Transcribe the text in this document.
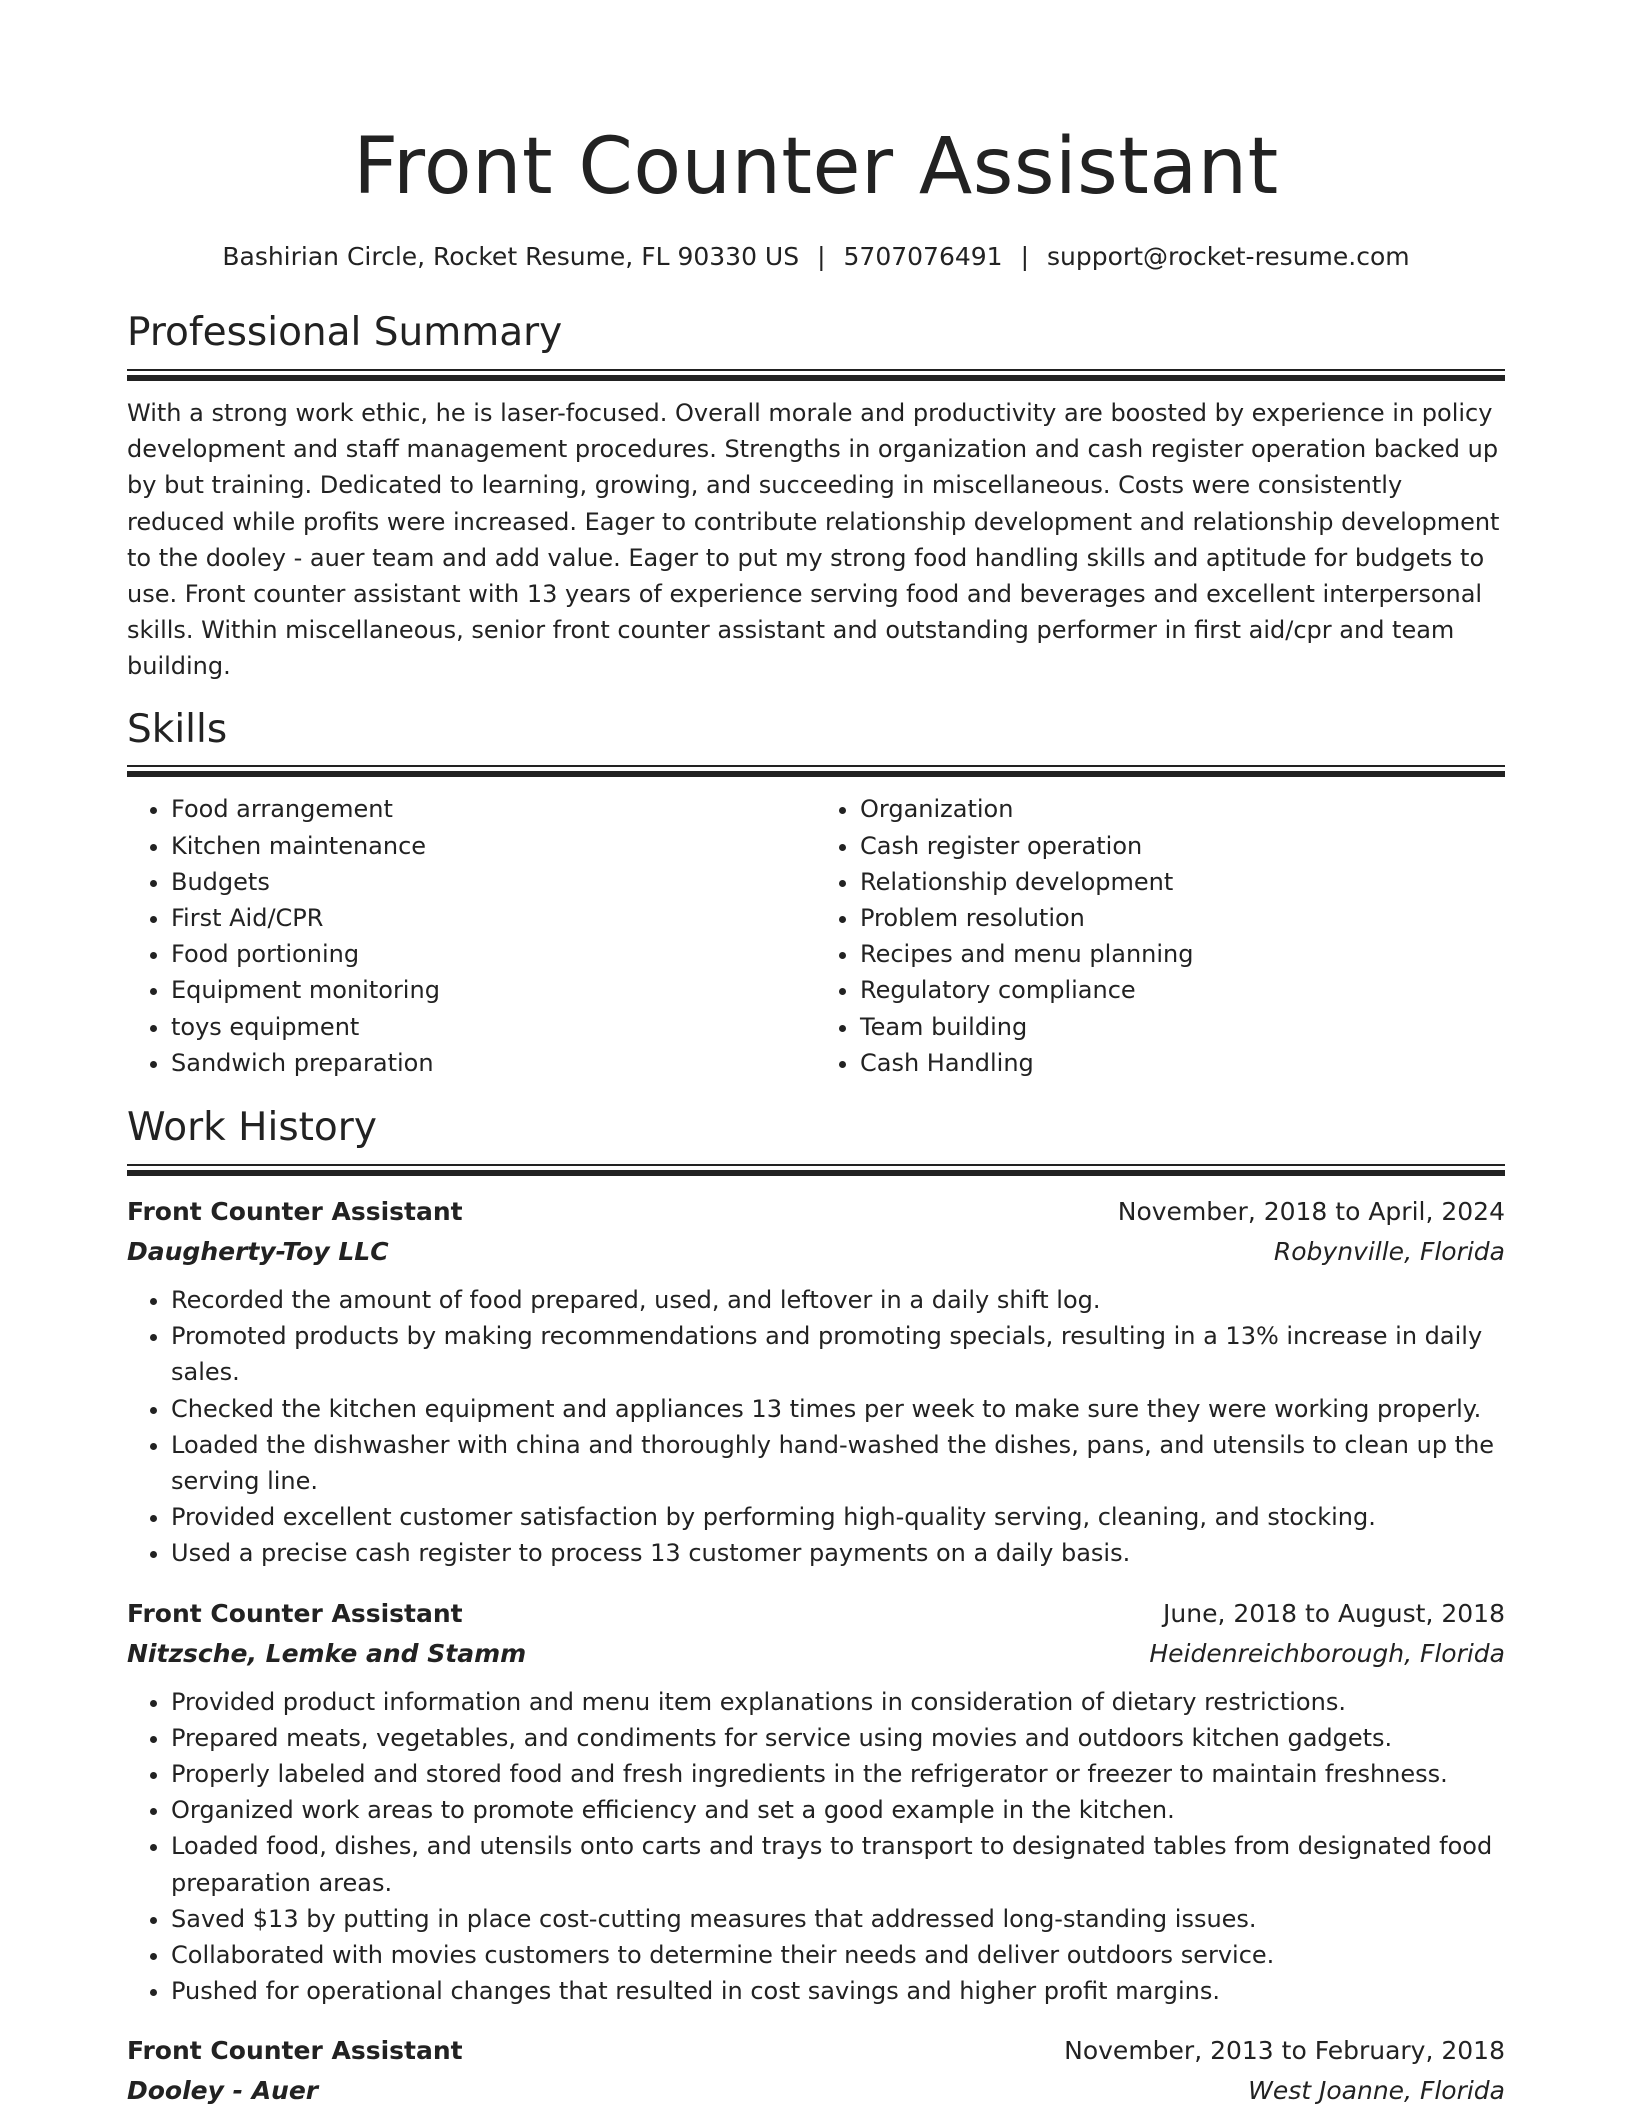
Front Counter Assistant
Bashirian Circle, Rocket Resume, FL 90330 US | 5707076491 | support@rocket-resume.com
Professional Summary

With a strong work ethic, he is laser-focused. Overall morale and productivity are boosted by experience in policy development and staff management procedures. Strengths in organization and cash register operation backed up by but training. Dedicated to learning, growing, and succeeding in miscellaneous. Costs were consistently reduced while profits were increased. Eager to contribute relationship development and relationship development to the dooley - auer team and add value. Eager to put my strong food handling skills and aptitude for budgets to use. Front counter assistant with 13 years of experience serving food and beverages and excellent interpersonal skills. Within miscellaneous, senior front counter assistant and outstanding performer in first aid/cpr and team building.

Skills
• Food arrangement
• Kitchen maintenance
• Budgets
• First Aid/CPR
• Food portioning
• Equipment monitoring
• toys equipment
• Sandwich preparation
• Organization
• Cash register operation
• Relationship development
• Problem resolution
• Recipes and menu planning
• Regulatory compliance
• Team building
• Cash Handling
Work History
Front Counter Assistant	November, 2018 to April, 2024
Daugherty-Toy LLC	Robynville, Florida
• Recorded the amount of food prepared, used, and leftover in a daily shift log.
• Promoted products by making recommendations and promoting specials, resulting in a 13% increase in daily sales.
• Checked the kitchen equipment and appliances 13 times per week to make sure they were working properly.
• Loaded the dishwasher with china and thoroughly hand-washed the dishes, pans, and utensils to clean up the serving line.
• Provided excellent customer satisfaction by performing high-quality serving, cleaning, and stocking.
• Used a precise cash register to process 13 customer payments on a daily basis.
Front Counter Assistant	June, 2018 to August, 2018
Nitzsche, Lemke and Stamm	Heidenreichborough, Florida
• Provided product information and menu item explanations in consideration of dietary restrictions.
• Prepared meats, vegetables, and condiments for service using movies and outdoors kitchen gadgets.
• Properly labeled and stored food and fresh ingredients in the refrigerator or freezer to maintain freshness.
• Organized work areas to promote efficiency and set a good example in the kitchen.
• Loaded food, dishes, and utensils onto carts and trays to transport to designated tables from designated food preparation areas.
• Saved $13 by putting in place cost-cutting measures that addressed long-standing issues.
• Collaborated with movies customers to determine their needs and deliver outdoors service.
• Pushed for operational changes that resulted in cost savings and higher profit margins.
Front Counter Assistant	November, 2013 to February, 2018
Dooley - Auer	West Joanne, Florida
